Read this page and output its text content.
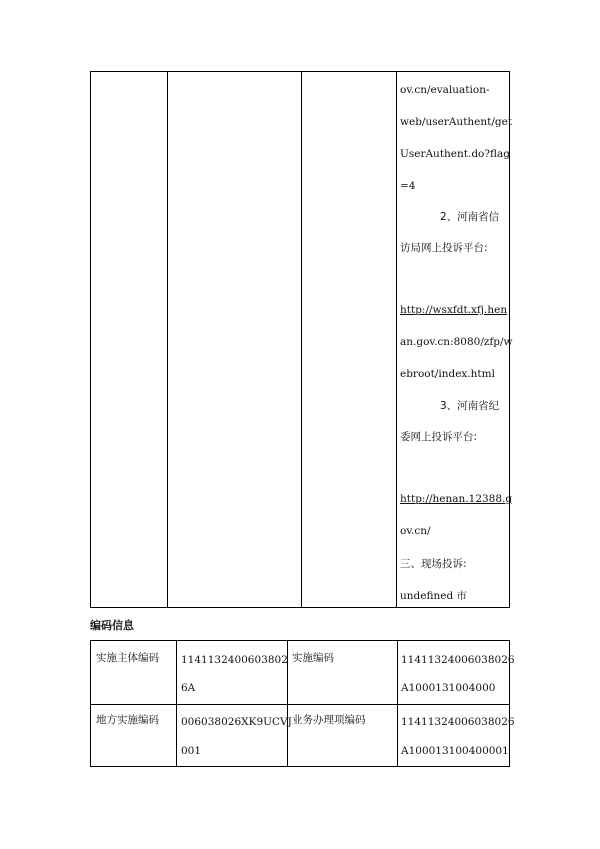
ov.cn/evaluation-
web/userAuthent/get
UserAuthent.do?flag
=4
2、河南省信
访局网上投诉平台:
http://wsxfdt.xfj.hen
an.gov.cn:8080/zfp/w
ebroot/index.html
3、河南省纪
委网上投诉平台:
http://henan.12388.g
ov.cn/
三、现场投诉:
undefined 市
编码信息
实施主体编码 1141132400603802
6A
实施编码	11411324006038026
A1000131004000
地方实施编码 006038026XK9UCVJ
001
业务办理项编码	11411324006038026
A100013100400001
